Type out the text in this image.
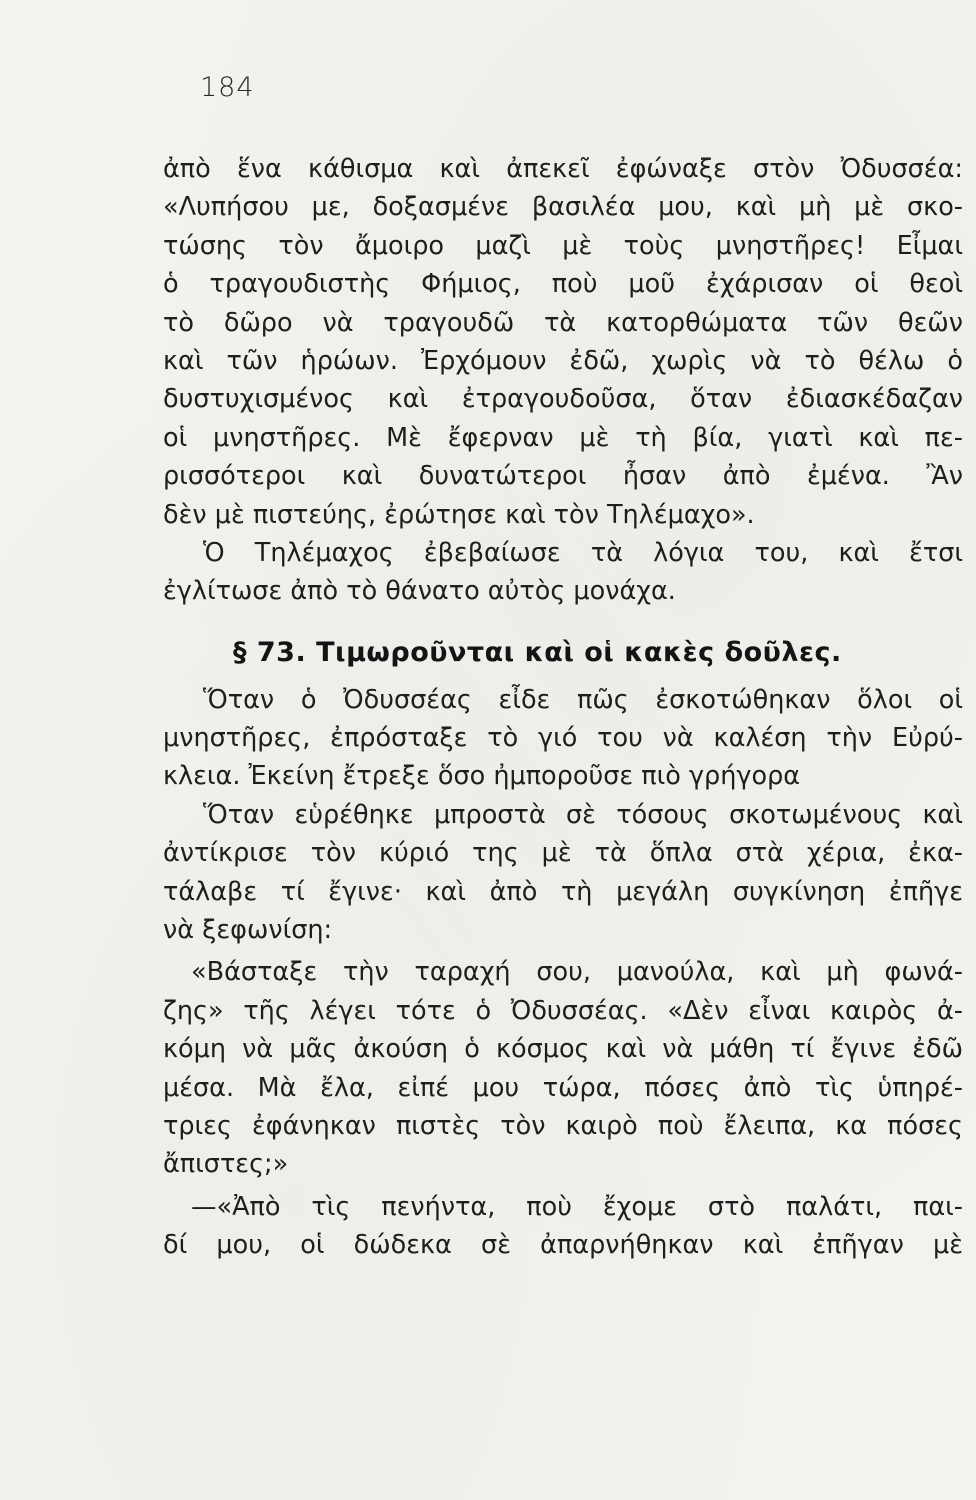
184
ἀπὸ ἕνα κάθισμα καὶ ἀπεκεῖ ἐφώναξε στὸν Ὀδυσσέα:
«Λυπήσου με, δοξασμένε βασιλέα μου, καὶ μὴ μὲ σκο-
τώσης τὸν ἄμοιρο μαζὶ μὲ τοὺς μνηστῆρες! Εἶμαι
ὁ τραγουδιστὴς Φήμιος, ποὺ μοῦ ἐχάρισαν οἱ θεοὶ
τὸ δῶρο νὰ τραγουδῶ τὰ κατορθώματα τῶν θεῶν
καὶ τῶν ἡρώων. Ἐρχόμουν ἐδῶ, χωρὶς νὰ τὸ θέλω ὁ
δυστυχισμένος καὶ ἐτραγουδοῦσα, ὅταν ἐδιασκέδαζαν
οἱ μνηστῆρες. Μὲ ἔφερναν μὲ τὴ βία, γιατὶ καὶ πε-
ρισσότεροι καὶ δυνατώτεροι ἦσαν ἀπὸ ἐμένα. Ἂν
δὲν μὲ πιστεύης, ἐρώτησε καὶ τὸν Τηλέμαχο».
Ὁ Τηλέμαχος ἐβεβαίωσε τὰ λόγια του, καὶ ἔτσι
ἐγλίτωσε ἀπὸ τὸ θάνατο αὐτὸς μονάχα.
§ 73. Τιμωροῦνται καὶ οἱ κακὲς δοῦλες.
Ὅταν ὁ Ὀδυσσέας εἶδε πῶς ἐσκοτώθηκαν ὅλοι οἱ
μνηστῆρες, ἐπρόσταξε τὸ γιό του νὰ καλέση τὴν Εὐρύ-
κλεια. Ἐκείνη ἔτρεξε ὅσο ἠμποροῦσε πιὸ γρήγορα
Ὅταν εὑρέθηκε μπροστὰ σὲ τόσους σκοτωμένους καὶ
ἀντίκρισε τὸν κύριό της μὲ τὰ ὅπλα στὰ χέρια, ἐκα-
τάλαβε τί ἔγινε· καὶ ἀπὸ τὴ μεγάλη συγκίνηση ἐπῆγε
νὰ ξεφωνίση:
«Βάσταξε τὴν ταραχή σου, μανούλα, καὶ μὴ φωνά-
ζης» τῆς λέγει τότε ὁ Ὀδυσσέας. «Δὲν εἶναι καιρὸς ἀ-
κόμη νὰ μᾶς ἀκούση ὁ κόσμος καὶ νὰ μάθη τί ἔγινε ἐδῶ
μέσα. Μὰ ἔλα, εἰπέ μου τώρα, πόσες ἀπὸ τὶς ὑπηρέ-
τριες ἐφάνηκαν πιστὲς τὸν καιρὸ ποὺ ἔλειπα, κα πόσες
ἄπιστες;»
—«Ἀπὸ τὶς πενήντα, ποὺ ἔχομε στὸ παλάτι, παι-
δί μου, οἱ δώδεκα σὲ ἀπαρνήθηκαν καὶ ἐπῆγαν μὲ
